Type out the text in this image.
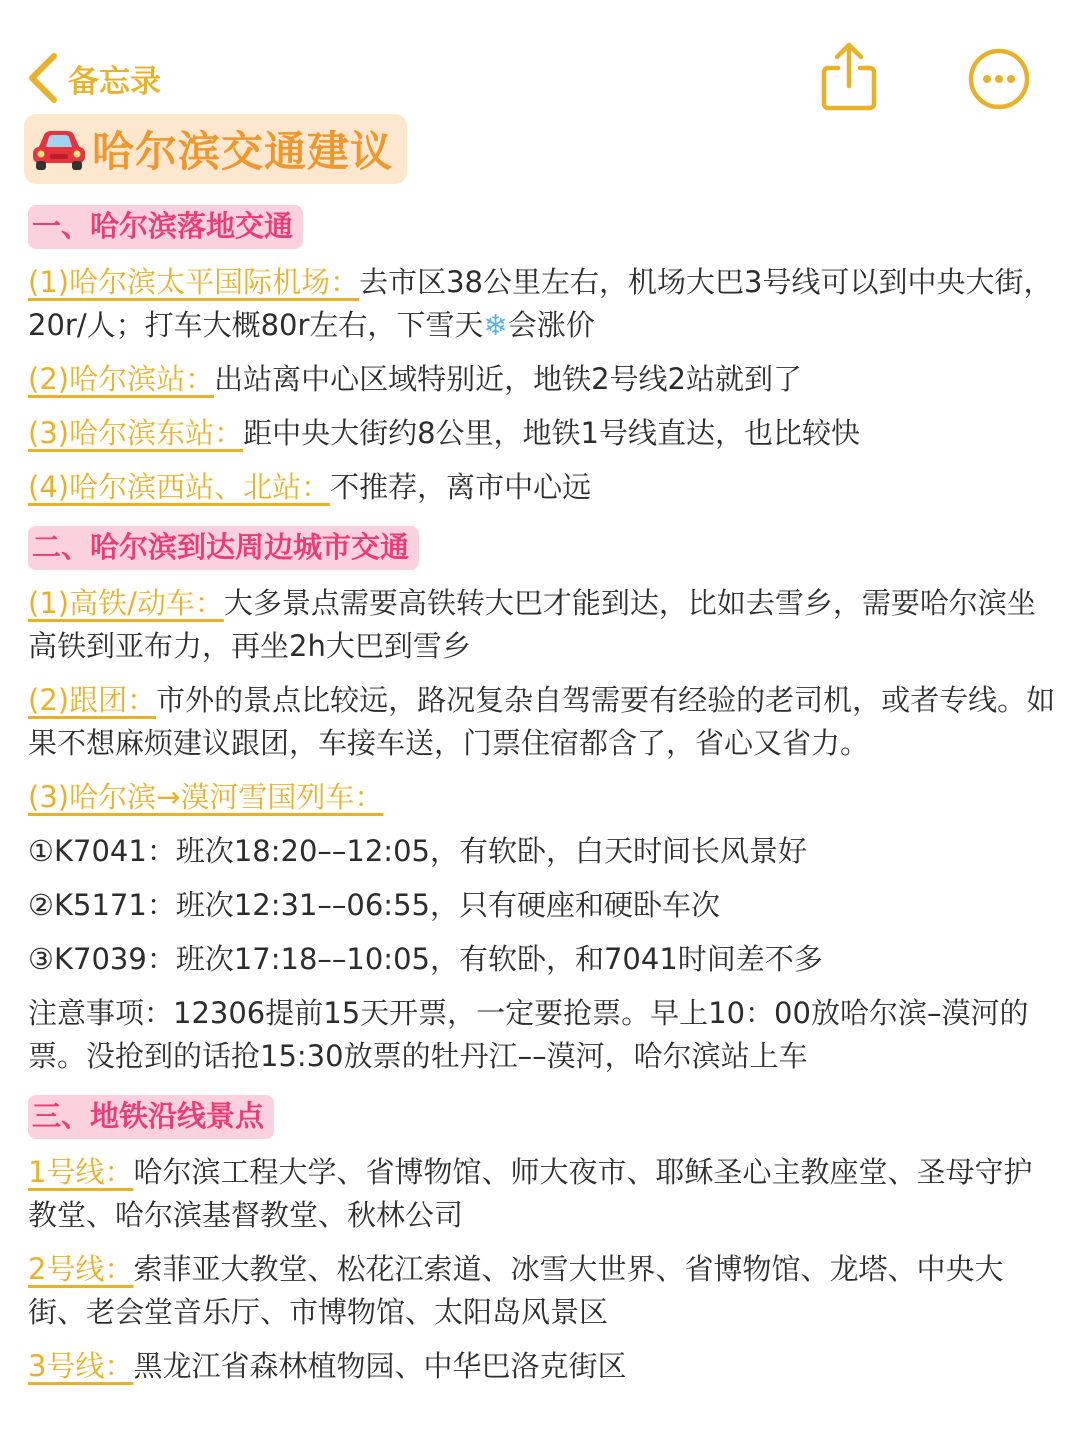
备忘录
哈尔滨交通建议
一、哈尔滨落地交通

(1)哈尔滨太平国际机场：去市区38公里左右，机场大巴3号线可以到中央大街，20r/人；打车大概80r左右，下雪天❄会涨价

(2)哈尔滨站：出站离中心区域特别近，地铁2号线2站就到了

(3)哈尔滨东站：距中央大街约8公里，地铁1号线直达，也比较快

(4)哈尔滨西站、北站：不推荐，离市中心远

二、哈尔滨到达周边城市交通

(1)高铁/动车：大多景点需要高铁转大巴才能到达，比如去雪乡，需要哈尔滨坐高铁到亚布力，再坐2h大巴到雪乡

(2)跟团：市外的景点比较远，路况复杂自驾需要有经验的老司机，或者专线。如果不想麻烦建议跟团，车接车送，门票住宿都含了，省心又省力。

(3)哈尔滨→漠河雪国列车：

①K7041：班次18:20––12:05，有软卧，白天时间长风景好

②K5171：班次12:31––06:55，只有硬座和硬卧车次

③K7039：班次17:18––10:05，有软卧，和7041时间差不多

注意事项：12306提前15天开票，一定要抢票。早上10：00放哈尔滨–漠河的票。没抢到的话抢15:30放票的牡丹江––漠河，哈尔滨站上车

三、地铁沿线景点

1号线：哈尔滨工程大学、省博物馆、师大夜市、耶稣圣心主教座堂、圣母守护教堂、哈尔滨基督教堂、秋林公司

2号线：索菲亚大教堂、松花江索道、冰雪大世界、省博物馆、龙塔、中央大街、老会堂音乐厅、市博物馆、太阳岛风景区

3号线：黑龙江省森林植物园、中华巴洛克街区
